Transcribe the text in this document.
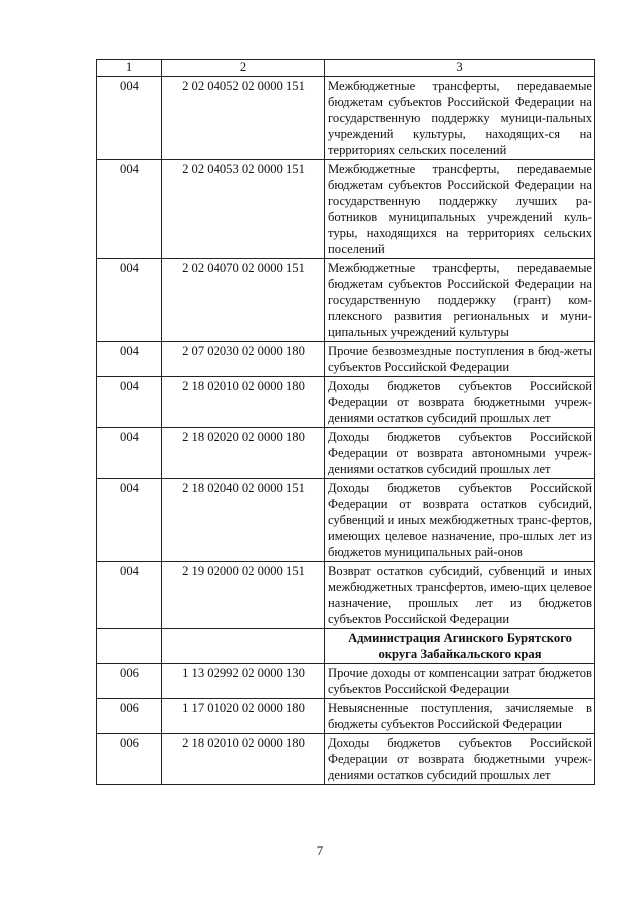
1	2	3
004	2 02 04052 02 0000 151	Межбюджетные трансферты, передаваемые бюджетам субъектов Российской Федерации на государственную поддержку муници-пальных учреждений культуры, находящих-ся на территориях сельских поселений
004	2 02 04053 02 0000 151	Межбюджетные трансферты, передаваемые бюджетам субъектов Российской Федерации на государственную поддержку лучших ра-ботников муниципальных учреждений куль-туры, находящихся на территориях сельских поселений
004	2 02 04070 02 0000 151	Межбюджетные трансферты, передаваемые бюджетам субъектов Российской Федерации на государственную поддержку (грант) ком-плексного развития региональных и муни-ципальных учреждений культуры
004	2 07 02030 02 0000 180	Прочие безвозмездные поступления в бюд-жеты субъектов Российской Федерации
004	2 18 02010 02 0000 180	Доходы бюджетов субъектов Российской Федерации от возврата бюджетными учреж-дениями остатков субсидий прошлых лет
004	2 18 02020 02 0000 180	Доходы бюджетов субъектов Российской Федерации от возврата автономными учреж-дениями остатков субсидий прошлых лет
004	2 18 02040 02 0000 151	Доходы бюджетов субъектов Российской Федерации от возврата остатков субсидий, субвенций и иных межбюджетных транс-фертов, имеющих целевое назначение, про-шлых лет из бюджетов муниципальных рай-онов
004	2 19 02000 02 0000 151	Возврат остатков субсидий, субвенций и иных межбюджетных трансфертов, имею-щих целевое назначение, прошлых лет из бюджетов субъектов Российской Федерации
		Администрация Агинского Бурятского округа Забайкальского края
006	1 13 02992 02 0000 130	Прочие доходы от компенсации затрат бюджетов субъектов Российской Федерации
006	1 17 01020 02 0000 180	Невыясненные поступления, зачисляемые в бюджеты субъектов Российской Федерации
006	2 18 02010 02 0000 180	Доходы бюджетов субъектов Российской Федерации от возврата бюджетными учреж-дениями остатков субсидий прошлых лет
7
